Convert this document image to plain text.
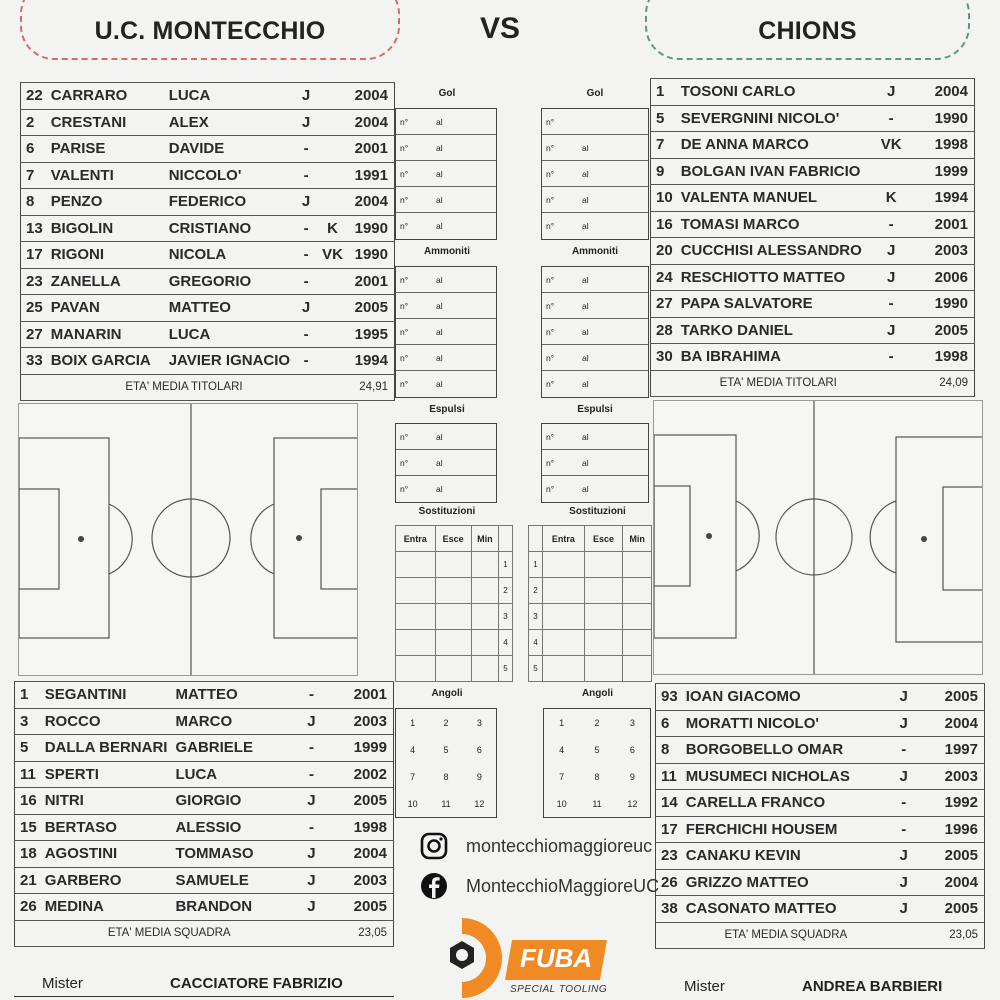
U.C. MONTECCHIO	VS	CHIONS
22	CARRARO	LUCA	J		2004
2	CRESTANI	ALEX	J		2004
6	PARISE	DAVIDE	-		2001
7	VALENTI	NICCOLO'	-		1991
8	PENZO	FEDERICO	J		2004
13	BIGOLIN	CRISTIANO	-	K	1990
17	RIGONI	NICOLA	-	VK	1990
23	ZANELLA	GREGORIO	-		2001
25	PAVAN	MATTEO	J		2005
27	MANARIN	LUCA	-		1995
33	BOIX GARCIA	JAVIER IGNACIO	-		1994
ETA' MEDIA TITOLARI					24,91
1	TOSONI CARLO	J	2004
5	SEVERGNINI NICOLO'	-	1990
7	DE ANNA MARCO	VK	1998
9	BOLGAN IVAN FABRICIO		1999
10	VALENTA MANUEL	K	1994
16	TOMASI MARCO	-	2001
20	CUCCHISI ALESSANDRO	J	2003
24	RESCHIOTTO MATTEO	J	2006
27	PAPA SALVATORE	-	1990
28	TARKO DANIEL	J	2005
30	BA IBRAHIMA	-	1998
ETA' MEDIA TITOLARI			24,09
Gol
n°	al
n°	al
n°	al
n°	al
n°	al
Ammoniti
n°	al
n°	al
n°	al
n°	al
n°	al
Espulsi
n°	al
n°	al
n°	al
Gol
n°
n°	al
n°	al
n°	al
n°	al
Ammoniti
n°	al
n°	al
n°	al
n°	al
n°	al
Espulsi
n°	al
n°	al
n°	al
Sostituzioni
Entra	Esce	Min	
			1
			2
			3
			4
			5
Sostituzioni
	Entra	Esce	Min
1			
2			
3			
4			
5			
Angoli
1	2	3
4	5	6
7	8	9
10	11	12
Angoli
1	2	3
4	5	6
7	8	9
10	11	12
1	SEGANTINI	MATTEO	-	2001
3	ROCCO	MARCO	J	2003
5	DALLA BERNARI	GABRIELE	-	1999
11	SPERTI	LUCA	-	2002
16	NITRI	GIORGIO	J	2005
15	BERTASO	ALESSIO	-	1998
18	AGOSTINI	TOMMASO	J	2004
21	GARBERO	SAMUELE	J	2003
26	MEDINA	BRANDON	J	2005
ETA' MEDIA SQUADRA				23,05
93	IOAN GIACOMO	J	2005
6	MORATTI NICOLO'	J	2004
8	BORGOBELLO OMAR	-	1997
11	MUSUMECI NICHOLAS	J	2003
14	CARELLA FRANCO	-	1992
17	FERCHICHI HOUSEM	-	1996
23	CANAKU KEVIN	J	2005
26	GRIZZO MATTEO	J	2004
38	CASONATO MATTEO	J	2005
ETA' MEDIA SQUADRA			23,05
montecchiomaggioreuc
MontecchioMaggioreUC
FUBA
SPECIAL TOOLING
Mister	CACCIATORE FABRIZIO	Mister	ANDREA BARBIERI
